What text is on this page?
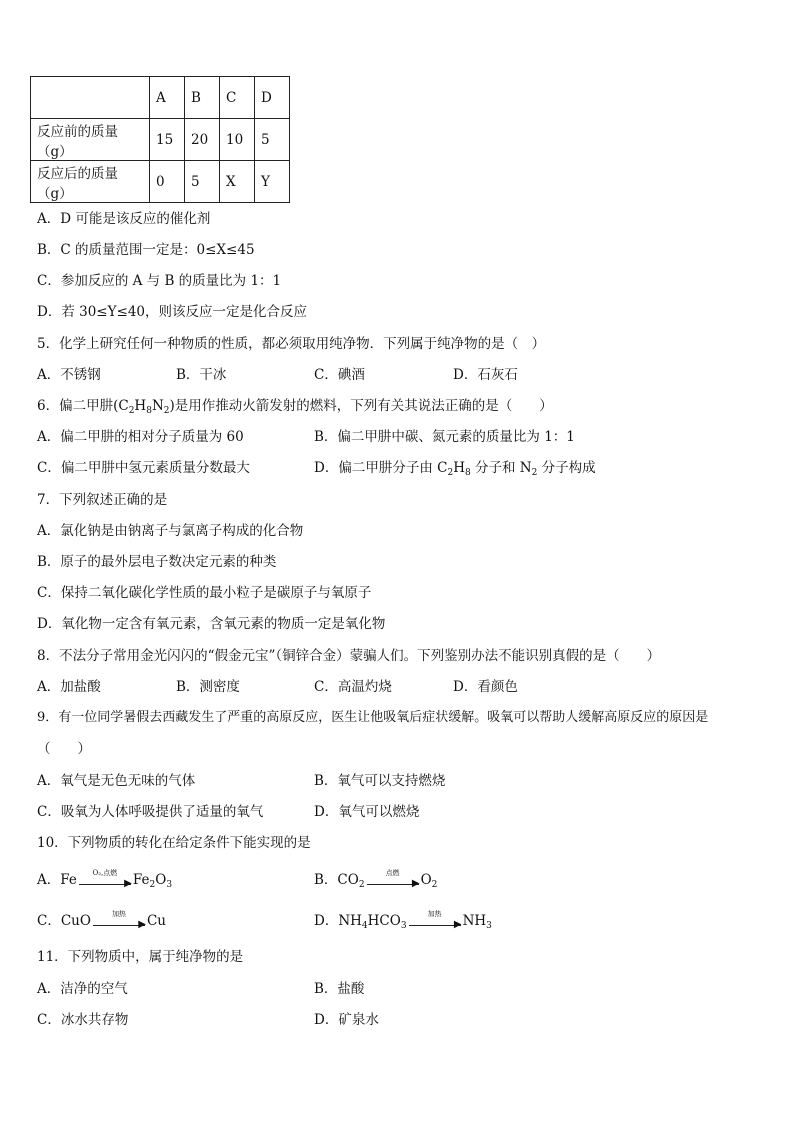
	A	B	C	D
反应前的质量（g）	15	20	10	5
反应后的质量（g）	0	5	X	Y
A．D 可能是该反应的催化剂
B．C 的质量范围一定是：0≤X≤45
C．参加反应的 A 与 B 的质量比为 1：1
D．若 30≤Y≤40，则该反应一定是化合反应
5．化学上研究任何一种物质的性质，都必须取用纯净物．下列属于纯净物的是（　）
A．不锈钢	B．干冰	C．碘酒	D．石灰石
6．偏二甲肼$(C_2H_8N_2)$是用作推动火箭发射的燃料，下列有关其说法正确的是（　　）
A．偏二甲肼的相对分子质量为 60	B．偏二甲肼中碳、氮元素的质量比为 1：1
C．偏二甲肼中氢元素质量分数最大	D．偏二甲肼分子由 $C_2H_8$ 分子和 $N_2$ 分子构成
7．下列叙述正确的是
A．氯化钠是由钠离子与氯离子构成的化合物
B．原子的最外层电子数决定元素的种类
C．保持二氧化碳化学性质的最小粒子是碳原子与氧原子
D．氧化物一定含有氧元素，含氧元素的物质一定是氧化物
8．不法分子常用金光闪闪的“假金元宝”（铜锌合金）蒙骗人们。下列鉴别办法不能识别真假的是（　　）
A．加盐酸	B．测密度	C．高温灼烧	D．看颜色
9．有一位同学暑假去西藏发生了严重的高原反应，医生让他吸氧后症状缓解。吸氧可以帮助人缓解高原反应的原因是
（　　）
A．氧气是无色无味的气体	B．氧气可以支持燃烧
C．吸氧为人体呼吸提供了适量的氧气	D．氧气可以燃烧
10．下列物质的转化在给定条件下能实现的是
A．Fe	O₂,点燃
▶ $Fe_2O_3$	B．$CO_2$
点燃
▶ $O_2$
C．CuO	加热
▶ Cu	D．$NH_4HCO_3$
加热
▶ $NH_3$
11．下列物质中，属于纯净物的是
A．洁净的空气	B．盐酸
C．冰水共存物	D．矿泉水
